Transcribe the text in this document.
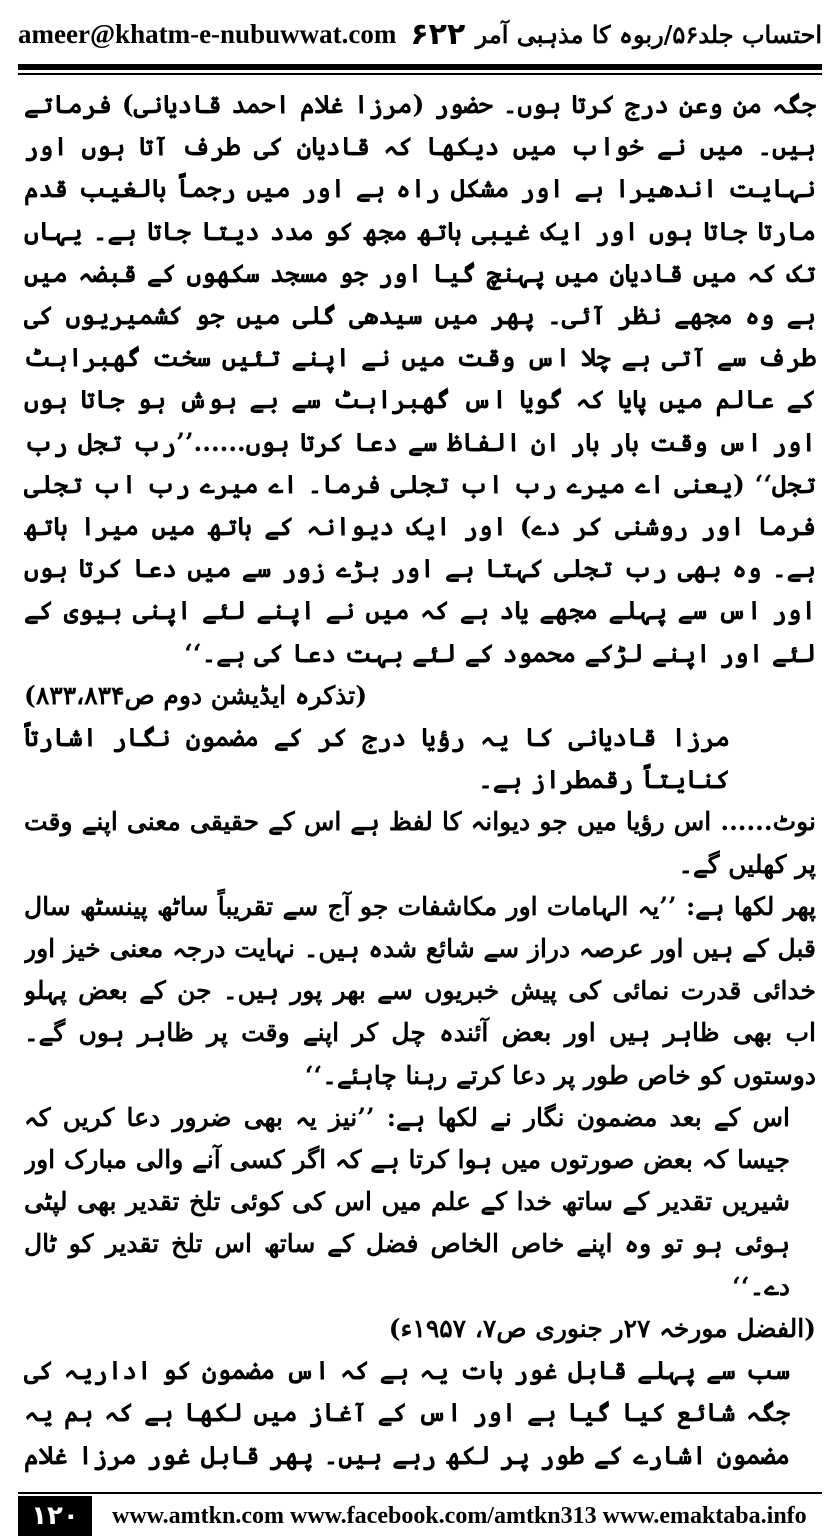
ameer@khatm-e-nubuwwat.com ۶۲۲ احتساب جلد۵۶/ربوہ کا مذہبی آمر

جگہ من وعن درج کرتا ہوں۔ حضور (مرزا غلام احمد قادیانی) فرماتے ہیں۔ میں نے خواب میں دیکھا کہ قادیان کی طرف آتا ہوں اور نہایت اندھیرا ہے اور مشکل راہ ہے اور میں رجماً بالغیب قدم مارتا جاتا ہوں اور ایک غیبی ہاتھ مجھ کو مدد دیتا جاتا ہے۔ یہاں تک کہ میں قادیان میں پہنچ گیا اور جو مسجد سکھوں کے قبضہ میں ہے وہ مجھے نظر آئی۔ پھر میں سیدھی گلی میں جو کشمیریوں کی طرف سے آتی ہے چلا اس وقت میں نے اپنے تئیں سخت گھبراہٹ کے عالم میں پایا کہ گویا اس گھبراہٹ سے بے ہوش ہو جاتا ہوں اور اس وقت بار بار ان الفاظ سے دعا کرتا ہوں......’’رب تجل رب تجل‘‘ (یعنی اے میرے رب اب تجلی فرما۔ اے میرے رب اب تجلی فرما اور روشنی کر دے) اور ایک دیوانہ کے ہاتھ میں میرا ہاتھ ہے۔ وہ بھی رب تجلی کہتا ہے اور بڑے زور سے میں دعا کرتا ہوں اور اس سے پہلے مجھے یاد ہے کہ میں نے اپنے لئے اپنی بیوی کے لئے اور اپنے لڑکے محمود کے لئے بہت دعا کی ہے۔‘‘

(تذکرہ ایڈیشن دوم ص۸۳۳،۸۳۴)

مرزا قادیانی کا یہ رؤیا درج کر کے مضمون نگار اشارتاً کنایتاً رقمطراز ہے۔

نوٹ...... اس رؤیا میں جو دیوانہ کا لفظ ہے اس کے حقیقی معنی اپنے وقت پر کھلیں گے۔

پھر لکھا ہے: ’’یہ الہامات اور مکاشفات جو آج سے تقریباً ساٹھ پینسٹھ سال قبل کے ہیں اور عرصہ دراز سے شائع شدہ ہیں۔ نہایت درجہ معنی خیز اور خدائی قدرت نمائی کی پیش خبریوں سے بھر پور ہیں۔ جن کے بعض پہلو اب بھی ظاہر ہیں اور بعض آئندہ چل کر اپنے وقت پر ظاہر ہوں گے۔ دوستوں کو خاص طور پر دعا کرتے رہنا چاہئے۔‘‘

اس کے بعد مضمون نگار نے لکھا ہے: ’’نیز یہ بھی ضرور دعا کریں کہ جیسا کہ بعض صورتوں میں ہوا کرتا ہے کہ اگر کسی آنے والی مبارک اور شیریں تقدیر کے ساتھ خدا کے علم میں اس کی کوئی تلخ تقدیر بھی لپٹی ہوئی ہو تو وہ اپنے خاص الخاص فضل کے ساتھ اس تلخ تقدیر کو ٹال دے۔‘‘

(الفضل مورخہ ۲۷ر جنوری ص۷، ۱۹۵۷ء)

سب سے پہلے قابل غور بات یہ ہے کہ اس مضمون کو اداریہ کی جگہ شائع کیا گیا ہے اور اس کے آغاز میں لکھا ہے کہ ہم یہ مضمون اشارے کے طور پر لکھ رہے ہیں۔ پھر قابل غور مرزا غلام

۱۲۰	www.amtkn.com www.facebook.com/amtkn313 www.emaktaba.info
